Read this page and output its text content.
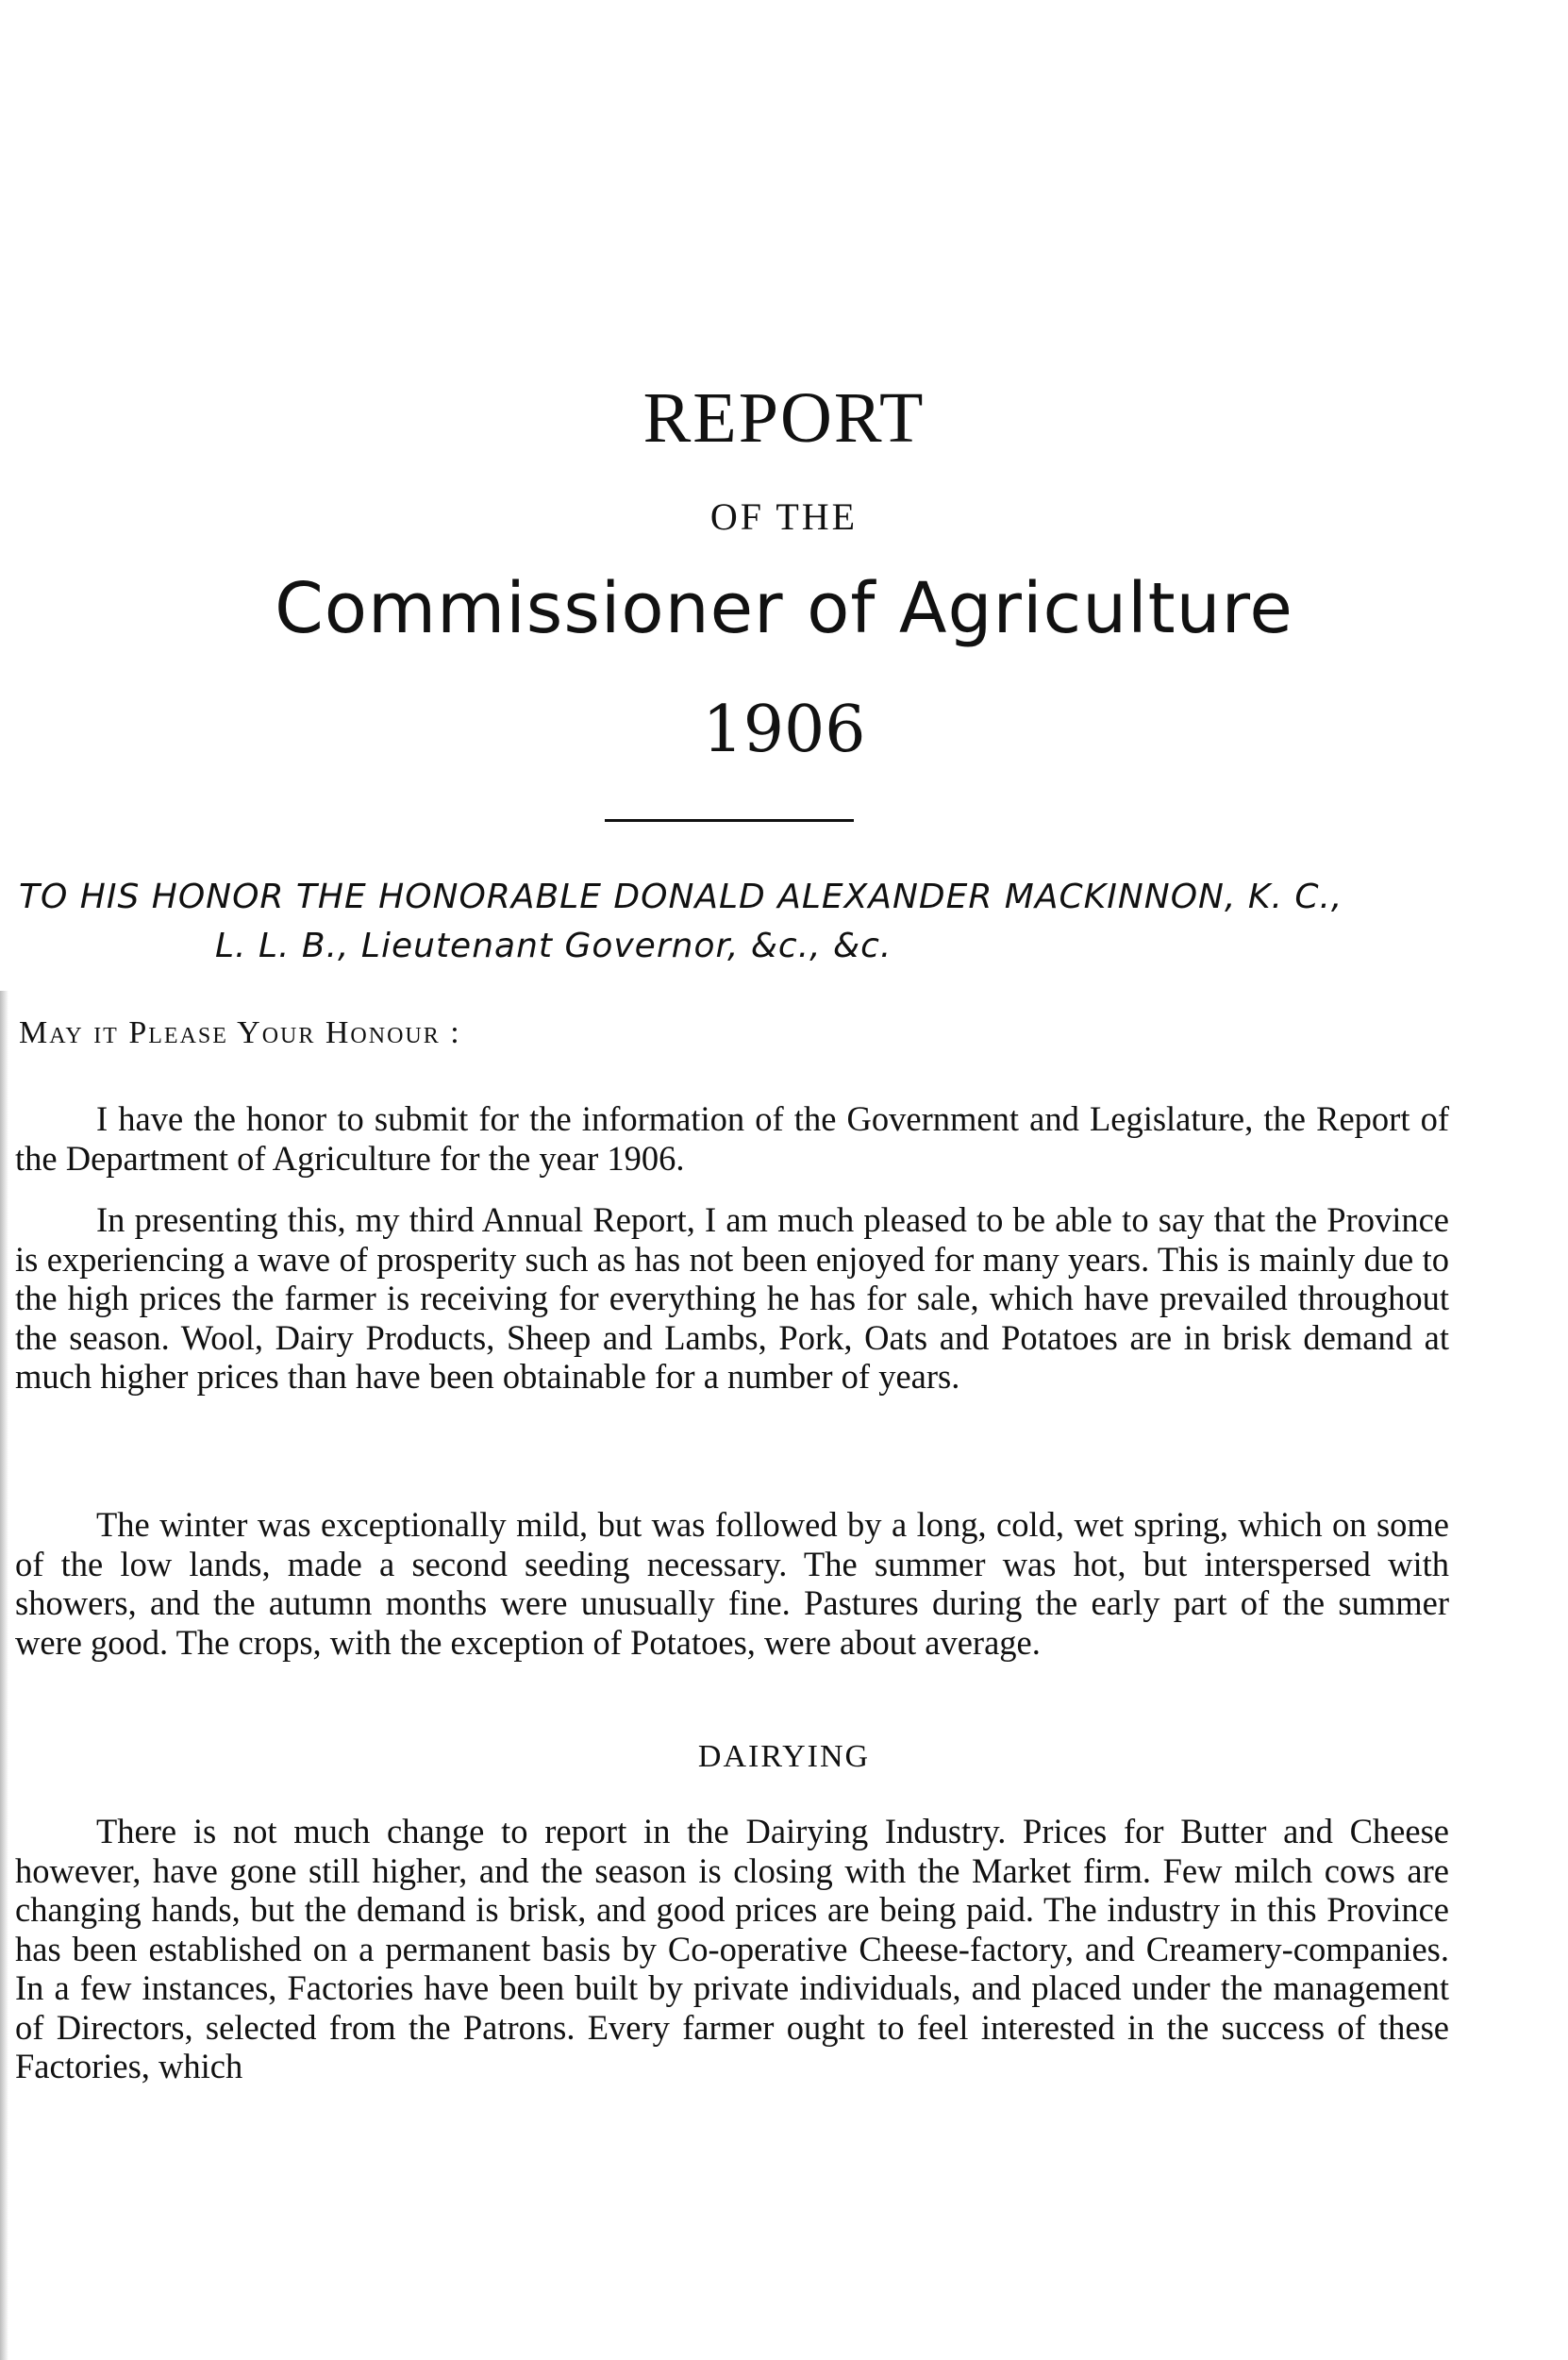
REPORT
OF THE
Commissioner of Agriculture
1906
TO HIS HONOR THE HONORABLE DONALD ALEXANDER MACKINNON, K. C.,
L. L. B., Lieutenant Governor, &c., &c.
May it Please Your Honour :

I have the honor to submit for the information of the Government and Legislature, the Report of the Department of Agriculture for the year 1906.

In presenting this, my third Annual Report, I am much pleased to be able to say that the Province is experiencing a wave of prosperity such as has not been enjoyed for many years. This is mainly due to the high prices the farmer is receiving for everything he has for sale, which have prevailed throughout the season. Wool, Dairy Products, Sheep and Lambs, Pork, Oats and Potatoes are in brisk demand at much higher prices than have been obtainable for a number of years.

The winter was exceptionally mild, but was followed by a long, cold, wet spring, which on some of the low lands, made a second seeding necessary. The summer was hot, but interspersed with showers, and the autumn months were unusually fine. Pastures during the early part of the summer were good. The crops, with the exception of Potatoes, were about average.

DAIRYING

There is not much change to report in the Dairying Industry. Prices for Butter and Cheese however, have gone still higher, and the season is closing with the Market firm. Few milch cows are changing hands, but the demand is brisk, and good prices are being paid. The industry in this Province has been established on a permanent basis by Co-operative Cheese-factory, and Creamery-companies. In a few instances, Factories have been built by private individuals, and placed under the management of Directors, selected from the Patrons. Every farmer ought to feel interested in the success of these Factories, which
